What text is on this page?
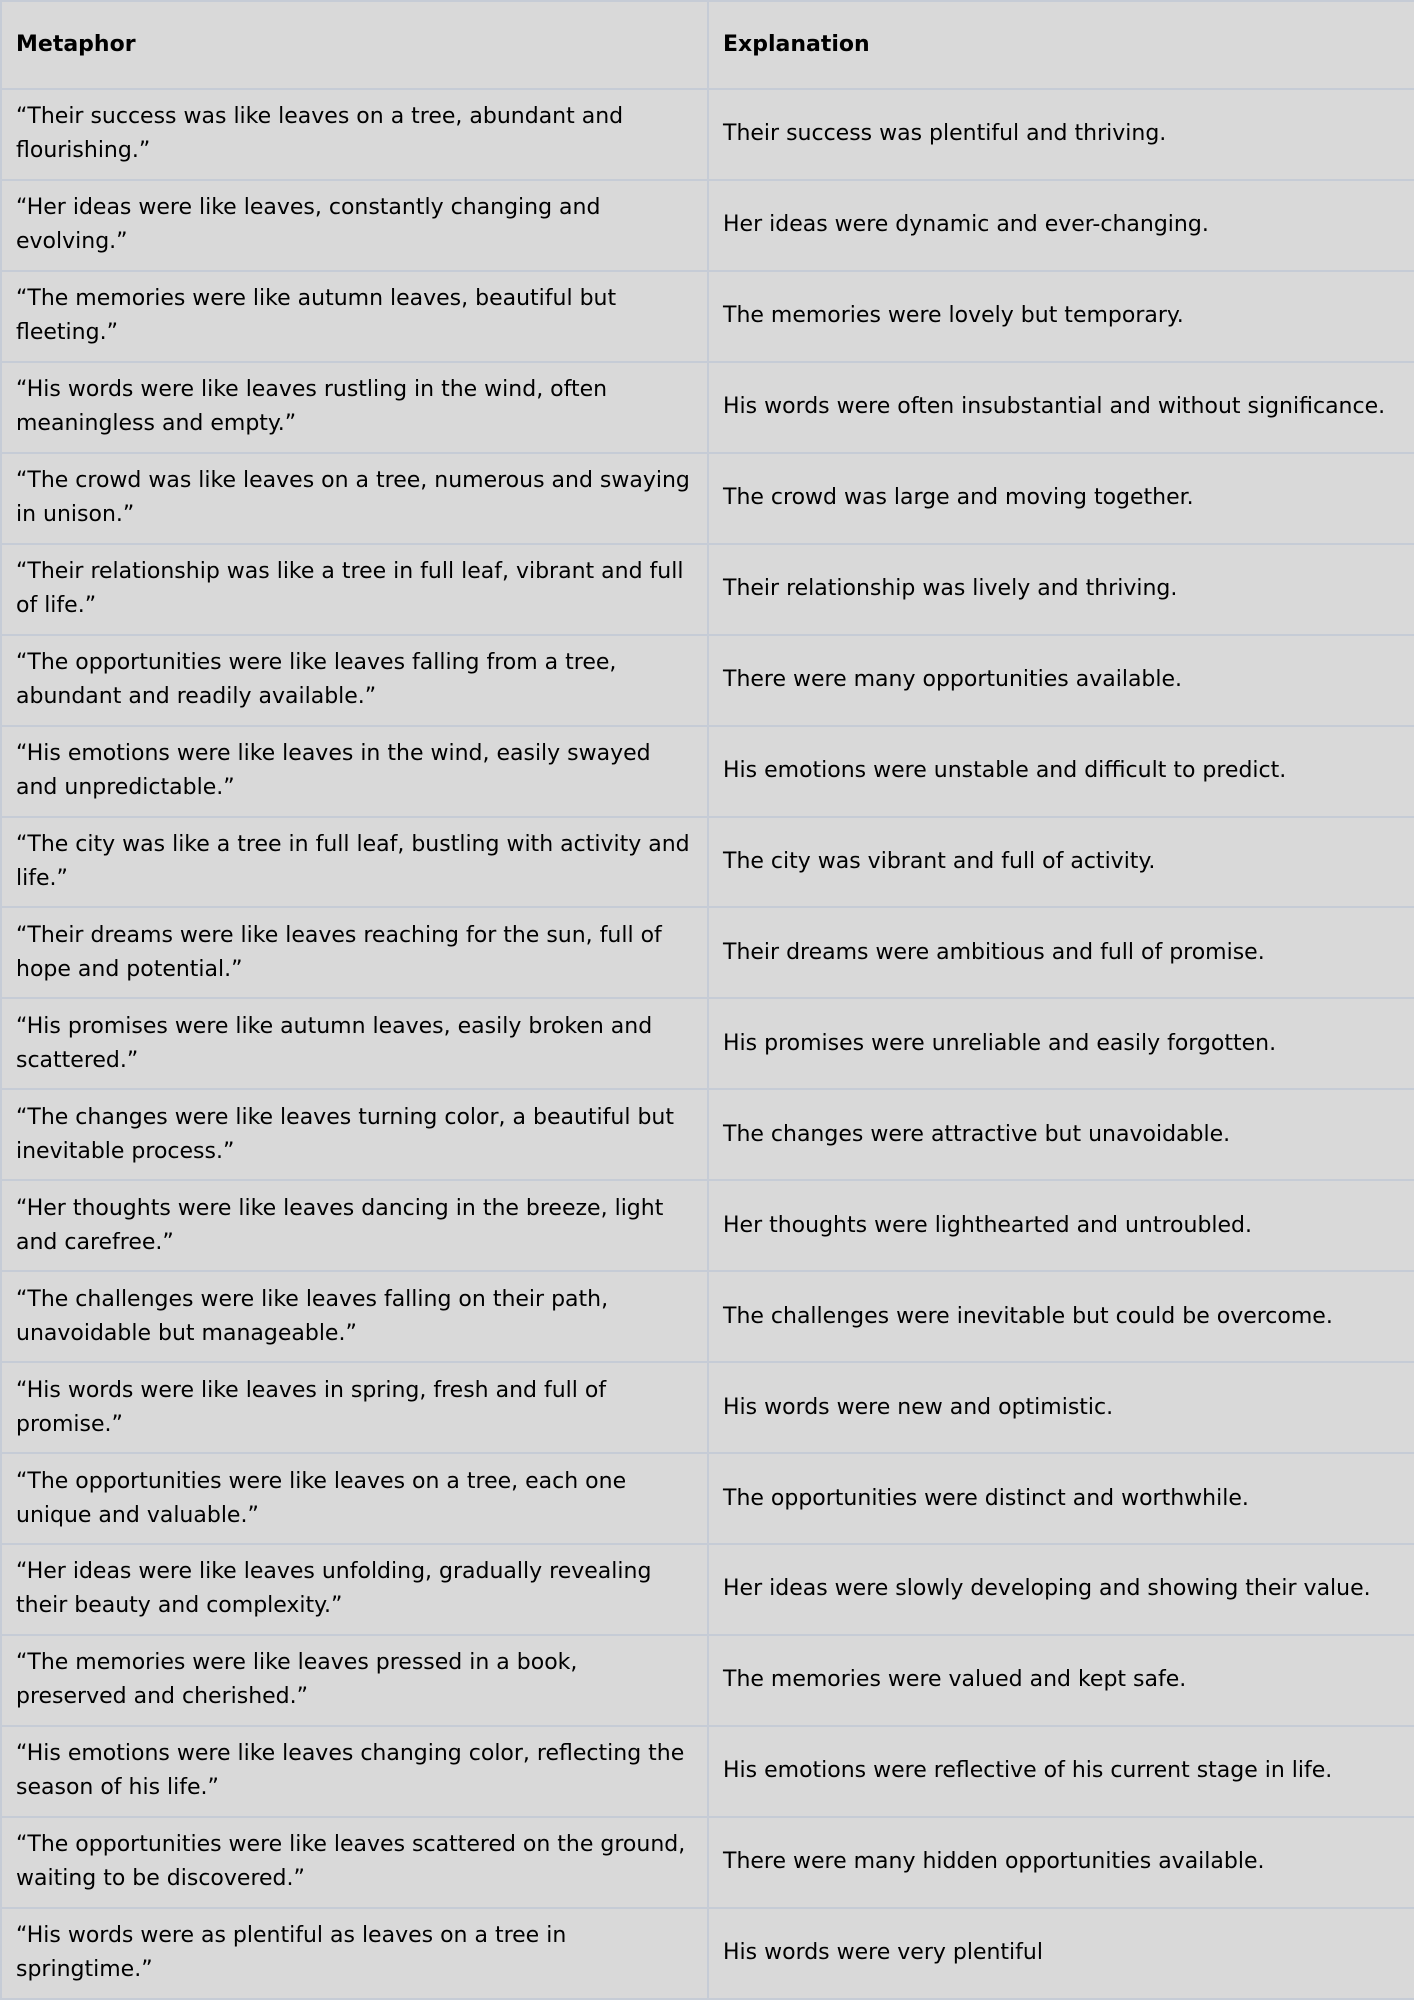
Metaphor	Explanation
“Their success was like leaves on a tree, abundant and flourishing.”	Their success was plentiful and thriving.
“Her ideas were like leaves, constantly changing and evolving.”	Her ideas were dynamic and ever-changing.
“The memories were like autumn leaves, beautiful but fleeting.”	The memories were lovely but temporary.
“His words were like leaves rustling in the wind, often meaningless and empty.”	His words were often insubstantial and without significance.
“The crowd was like leaves on a tree, numerous and swaying in unison.”	The crowd was large and moving together.
“Their relationship was like a tree in full leaf, vibrant and full of life.”	Their relationship was lively and thriving.
“The opportunities were like leaves falling from a tree, abundant and readily available.”	There were many opportunities available.
“His emotions were like leaves in the wind, easily swayed and unpredictable.”	His emotions were unstable and difficult to predict.
“The city was like a tree in full leaf, bustling with activity and life.”	The city was vibrant and full of activity.
“Their dreams were like leaves reaching for the sun, full of hope and potential.”	Their dreams were ambitious and full of promise.
“His promises were like autumn leaves, easily broken and scattered.”	His promises were unreliable and easily forgotten.
“The changes were like leaves turning color, a beautiful but inevitable process.”	The changes were attractive but unavoidable.
“Her thoughts were like leaves dancing in the breeze, light and carefree.”	Her thoughts were lighthearted and untroubled.
“The challenges were like leaves falling on their path, unavoidable but manageable.”	The challenges were inevitable but could be overcome.
“His words were like leaves in spring, fresh and full of promise.”	His words were new and optimistic.
“The opportunities were like leaves on a tree, each one unique and valuable.”	The opportunities were distinct and worthwhile.
“Her ideas were like leaves unfolding, gradually revealing their beauty and complexity.”	Her ideas were slowly developing and showing their value.
“The memories were like leaves pressed in a book, preserved and cherished.”	The memories were valued and kept safe.
“His emotions were like leaves changing color, reflecting the season of his life.”	His emotions were reflective of his current stage in life.
“The opportunities were like leaves scattered on the ground, waiting to be discovered.”	There were many hidden opportunities available.
“His words were as plentiful as leaves on a tree in springtime.”	His words were very plentiful
